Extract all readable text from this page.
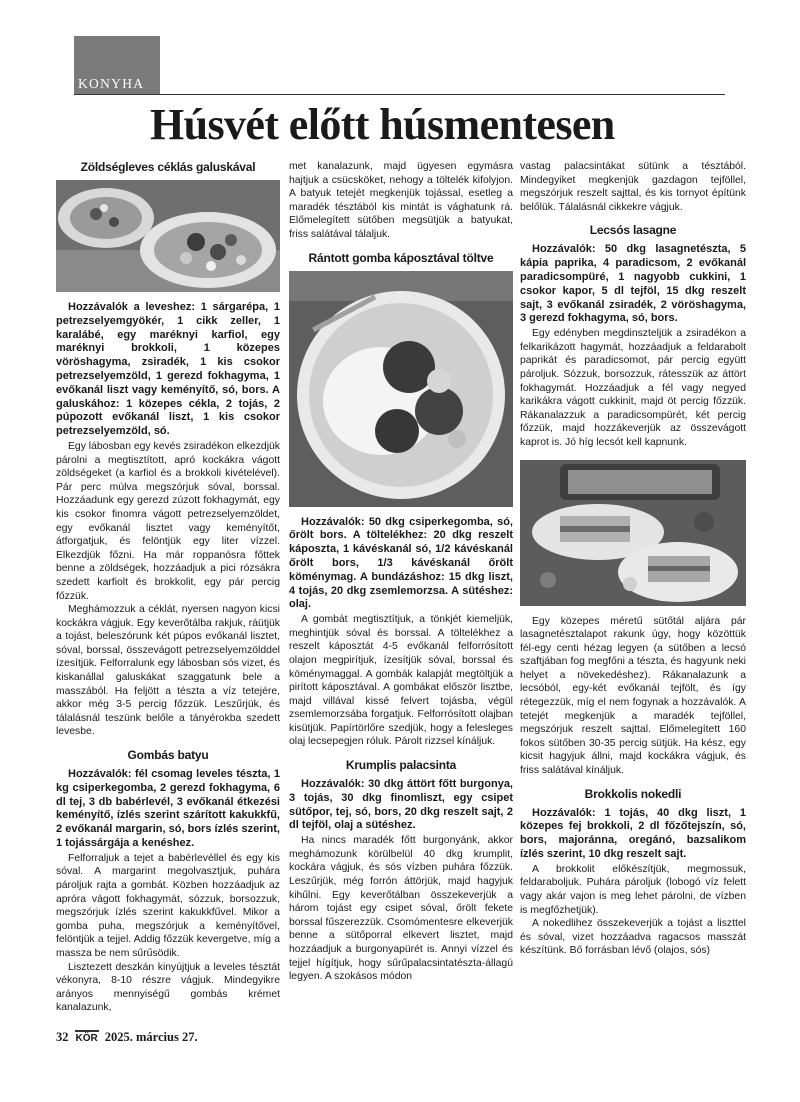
KONYHA
Húsvét előtt húsmentesen
Zöldségleves céklás galuskával

Hozzávalók a leveshez: 1 sárgarépa, 1 petrezselyemgyökér, 1 cikk zeller, 1 karalábé, egy maréknyi karfiol, egy maréknyi brokkoli, 1 közepes vöröshagyma, zsiradék, 1 kis csokor petrezselyemzöld, 1 gerezd fokhagyma, 1 evőkanál liszt vagy keményítő, só, bors. A galuskához: 1 közepes cékla, 2 tojás, 2 púpozott evőkanál liszt, 1 kis csokor petrezselyemzöld, só.

Egy lábosban egy kevés zsiradékon elkezdjük párolni a megtisztított, apró kockákra vágott zöldségeket (a karfiol és a brokkoli kivételével). Pár perc múlva megszórjuk sóval, borssal. Hozzáadunk egy gerezd zúzott fokhagymát, egy kis csokor finomra vágott petrezselyemzöldet, egy evőkanál lisztet vagy keményítőt, átforgatjuk, és felöntjük egy liter vízzel. Elkezdjük főzni. Ha már roppanósra főttek benne a zöldségek, hozzáadjuk a pici rózsákra szedett karfiolt és brokkolit, egy pár percig főzzük.

Meghámozzuk a céklát, nyersen nagyon kicsi kockákra vágjuk. Egy keverőtálba rakjuk, ráütjük a tojást, beleszórunk két púpos evőkanál lisztet, sóval, borssal, összevágott petrezselyemzölddel ízesítjük. Felforralunk egy lábosban sós vizet, és kiskanállal galuskákat szaggatunk bele a masszából. Ha feljött a tészta a víz tetejére, akkor még 3-5 percig főzzük. Leszűrjük, és tálalásnál teszünk belőle a tányérokba szedett levesbe.

Gombás batyu

Hozzávalók: fél csomag leveles tészta, 1 kg csiperkegomba, 2 gerezd fokhagyma, 6 dl tej, 3 db babérlevél, 3 evőkanál étkezési keményítő, ízlés szerint szárított kakukkfű, 2 evőkanál margarin, só, bors ízlés szerint, 1 tojássárgája a kenéshez.

Felforraljuk a tejet a babérlevéllel és egy kis sóval. A margarint megolvasztjuk, puhára pároljuk rajta a gombát. Közben hozzáadjuk az apróra vágott fokhagymát, sózzuk, borsozzuk, megszórjuk ízlés szerint kakukkfűvel. Mikor a gomba puha, megszórjuk a keményítővel, felöntjük a tejjel. Addig főzzük kevergetve, míg a massza be nem sűrűsödik.

Lisztezett deszkán kinyújtjuk a leveles tésztát vékonyra, 8-10 részre vágjuk. Mindegyikre arányos mennyiségű gombás krémet kanalazunk,

met kanalazunk, majd ügyesen egymásra hajtjuk a csücsköket, nehogy a töltelék kifolyjon. A batyuk tetejét megkenjük tojással, esetleg a maradék tésztából kis mintát is vághatunk rá. Előmelegített sütőben megsütjük a batyukat, friss salátával tálaljuk.

Rántott gomba káposztával töltve

Hozzávalók: 50 dkg csiperkegomba, só, őrölt bors. A töltelékhez: 20 dkg reszelt káposzta, 1 kávéskanál só, 1/2 kávéskanál őrölt bors, 1/3 kávéskanál őrölt köménymag. A bundázáshoz: 15 dkg liszt, 4 tojás, 20 dkg zsemlemorzsa. A sütéshez: olaj.

A gombát megtisztítjuk, a tönkjét kiemeljük, meghintjük sóval és borssal. A töltelékhez a reszelt káposztát 4-5 evőkanál felforrósított olajon megpirítjuk, ízesítjük sóval, borssal és köménymaggal. A gombák kalapját megtöltjük a pirított káposztával. A gombákat először lisztbe, majd villával kissé felvert tojásba, végül zsemlemorzsába forgatjuk. Felforrósított olajban kisütjük. Papírtörlőre szedjük, hogy a felesleges olaj lecsepegjen róluk. Párolt rizzsel kínáljuk.

Krumplis palacsinta

Hozzávalók: 30 dkg áttört főtt burgonya, 3 tojás, 30 dkg finomliszt, egy csipet sütőpor, tej, só, bors, 20 dkg reszelt sajt, 2 dl tejföl, olaj a sütéshez.

Ha nincs maradék főtt burgonyánk, akkor meghámozunk körülbelül 40 dkg krumplit, kockára vágjuk, és sós vízben puhára főzzük. Leszűrjük, még forrón áttörjük, majd hagyjuk kihűlni. Egy keverőtálban összekeverjük a három tojást egy csipet sóval, őrölt fekete borssal fűszerezzük. Csomómentesre elkeverjük benne a sütőporral elkevert lisztet, majd hozzáadjuk a burgonyapürét is. Annyi vízzel és tejjel hígítjuk, hogy sűrűpalacsintatészta-állagú legyen. A szokásos módon

vastag palacsintákat sütünk a tésztából. Mindegyiket megkenjük gazdagon tejföllel, megszórjuk reszelt sajttal, és kis tornyot építünk belőlük. Tálalásnál cikkekre vágjuk.

Lecsós lasagne

Hozzávalók: 50 dkg lasagnetészta, 5 kápia paprika, 4 paradicsom, 2 evőkanál paradicsompüré, 1 nagyobb cukkini, 1 csokor kapor, 5 dl tejföl, 15 dkg reszelt sajt, 3 evőkanál zsiradék, 2 vöröshagyma, 3 gerezd fokhagyma, só, bors.

Egy edényben megdinszteljük a zsiradékon a felkarikázott hagymát, hozzáadjuk a feldarabolt paprikát és paradicsomot, pár percig együtt pároljuk. Sózzuk, borsozzuk, rátesszük az áttört fokhagymát. Hozzáadjuk a fél vagy negyed karikákra vágott cukkinit, majd öt percig főzzük. Rákanalazzuk a paradicsompürét, két percig főzzük, majd hozzákeverjük az összevágott kaprot is. Jó híg lecsót kell kapnunk.

Egy közepes méretű sütőtál aljára pár lasagnetésztalapot rakunk úgy, hogy közöttük fél-egy centi hézag legyen (a sütőben a lecsó szaftjában fog megfőni a tészta, és hagyunk neki helyet a növekedéshez). Rákanalazunk a lecsóból, egy-két evőkanál tejfölt, és így rétegezzük, míg el nem fogynak a hozzávalók. A tetejét megkenjük a maradék tejföllel, megszórjuk reszelt sajttal. Előmelegített 160 fokos sütőben 30-35 percig sütjük. Ha kész, egy kicsit hagyjuk állni, majd kockákra vágjuk, és friss salátával kínáljuk.

Brokkolis nokedli

Hozzávalók: 1 tojás, 40 dkg liszt, 1 közepes fej brokkoli, 2 dl főzőtejszín, só, bors, majoránna, oregánó, bazsalikom ízlés szerint, 10 dkg reszelt sajt.

A brokkolit előkészítjük, megmossuk, feldaraboljuk. Puhára pároljuk (lobogó víz felett vagy akár vajon is meg lehet párolni, de vízben is megfőzhetjük).

A nokedlihez összekeverjük a tojást a liszttel és sóval, vizet hozzáadva ragacsos masszát készítünk. Bő forrásban lévő (olajos, sós)

32 KÖR 2025. március 27.
